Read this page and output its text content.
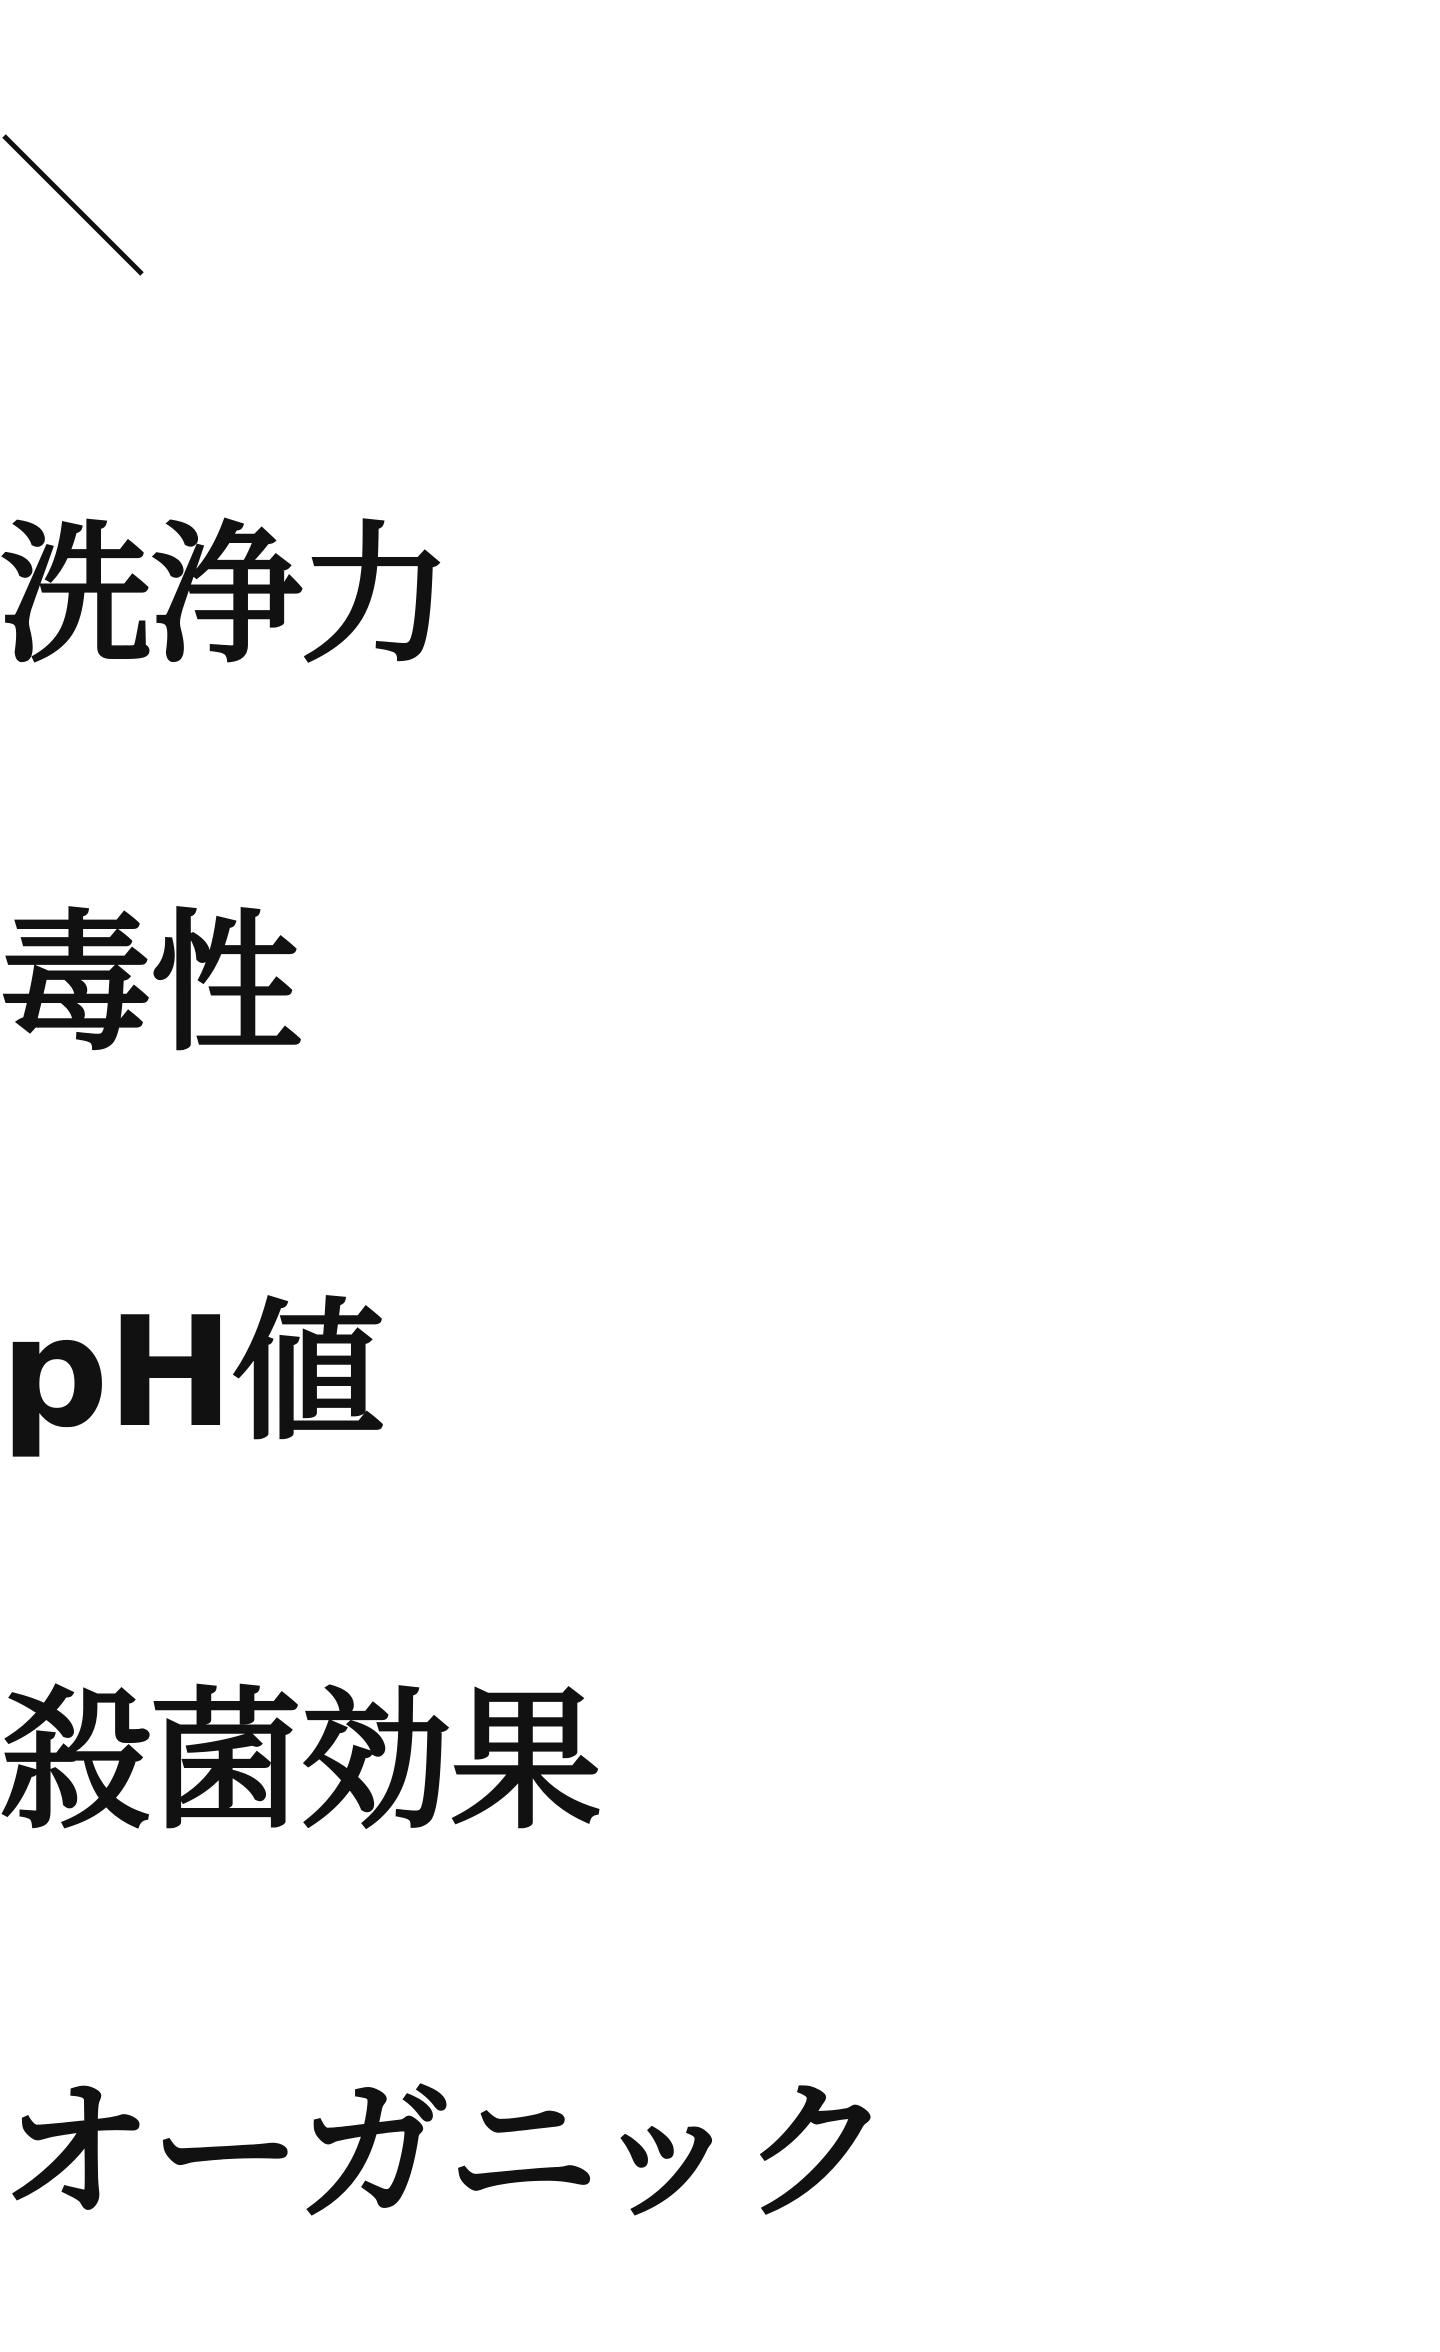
洗浄力
毒性
pH値
殺菌効果
オーガニック
